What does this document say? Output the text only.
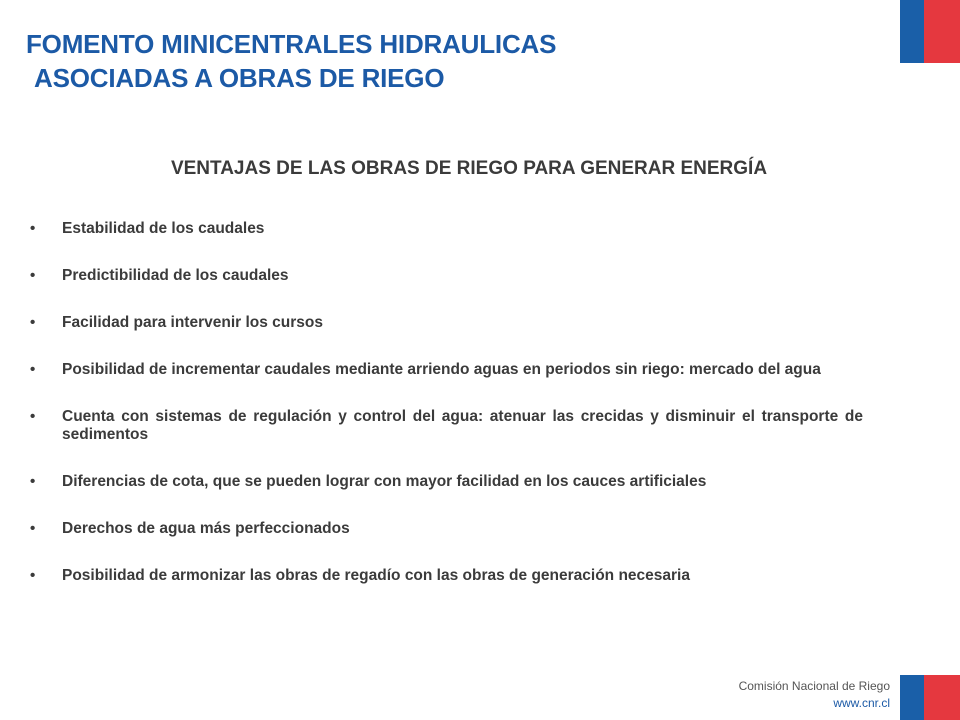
FOMENTO MINICENTRALES HIDRAULICAS
ASOCIADAS A OBRAS DE RIEGO
VENTAJAS DE LAS OBRAS DE RIEGO PARA GENERAR ENERGÍA
• Estabilidad de los caudales
• Predictibilidad de los caudales
• Facilidad para intervenir los cursos
• Posibilidad de incrementar caudales mediante arriendo aguas en periodos sin riego: mercado del agua
• Cuenta con sistemas de regulación y control del agua: atenuar las crecidas y disminuir el transporte de sedimentos
• Diferencias de cota, que se pueden lograr con mayor facilidad en los cauces artificiales
• Derechos de agua más perfeccionados
• Posibilidad de armonizar las obras de regadío con las obras de generación necesaria
Comisión Nacional de Riego
www.cnr.cl
